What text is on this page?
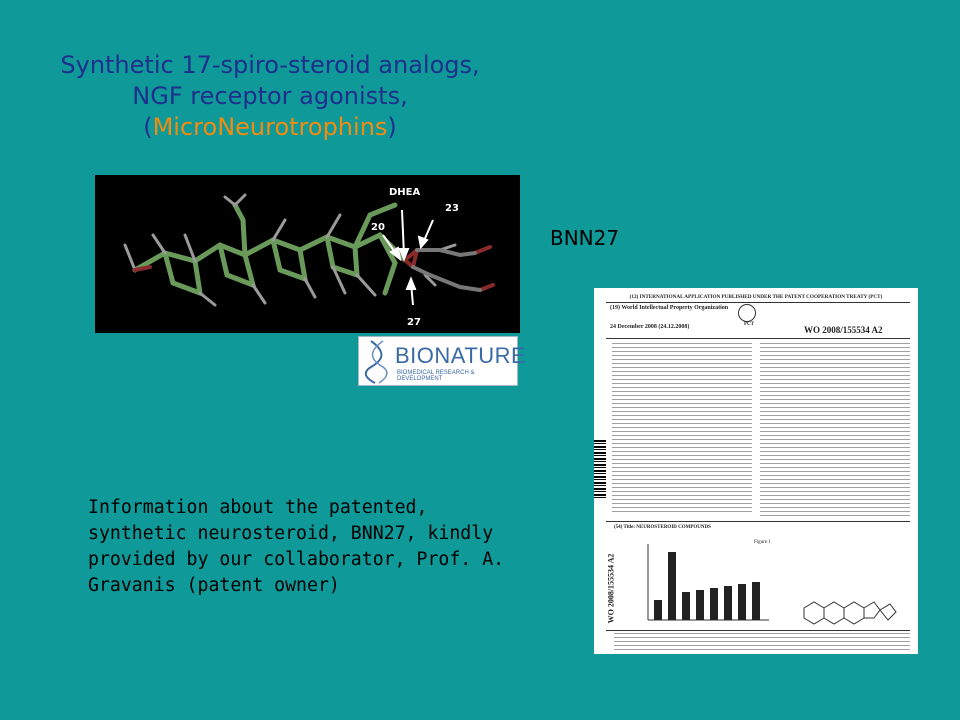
Synthetic 17-spiro-steroid analogs,
NGF receptor agonists,
(MicroNeurotrophins)
DHEA
20
23
27
BIONATURE
BIOMEDICAL RESEARCH & DEVELOPMENT
BNN27
(12) INTERNATIONAL APPLICATION PUBLISHED UNDER THE PATENT COOPERATION TREATY (PCT)
(19) World Intellectual Property Organization
24 December 2008 (24.12.2008)	PCT
WO 2008/155534 A2
(54) Title: NEUROSTEROID COMPOUNDS
Figure 1
WO 2008/155534 A2
Information about the patented,
synthetic neurosteroid, BNN27, kindly
provided by our collaborator, Prof. A.
Gravanis (patent owner)
